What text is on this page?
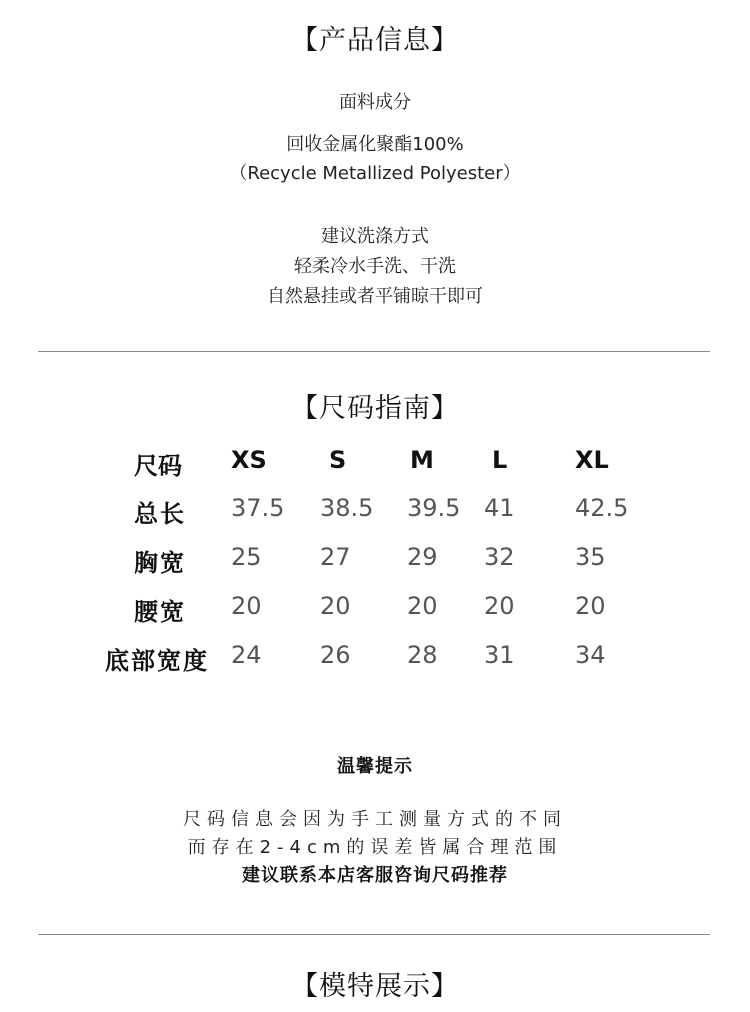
【产品信息】
面料成分
回收金属化聚酯100%
（Recycle Metallized Polyester）
建议洗涤方式
轻柔冷水手洗、干洗
自然悬挂或者平铺晾干即可
【尺码指南】
尺码 XS	S	M L	XL
总长 37.5 38.5 39.5 41	42.5
胸宽 25 27 29 32	35
腰宽 20 20 20 20	20
底部宽度 24 26 28 31	34
温馨提示
尺码信息会因为手工测量方式的不同
而存在2-4cm的误差皆属合理范围
建议联系本店客服咨询尺码推荐
【模特展示】
